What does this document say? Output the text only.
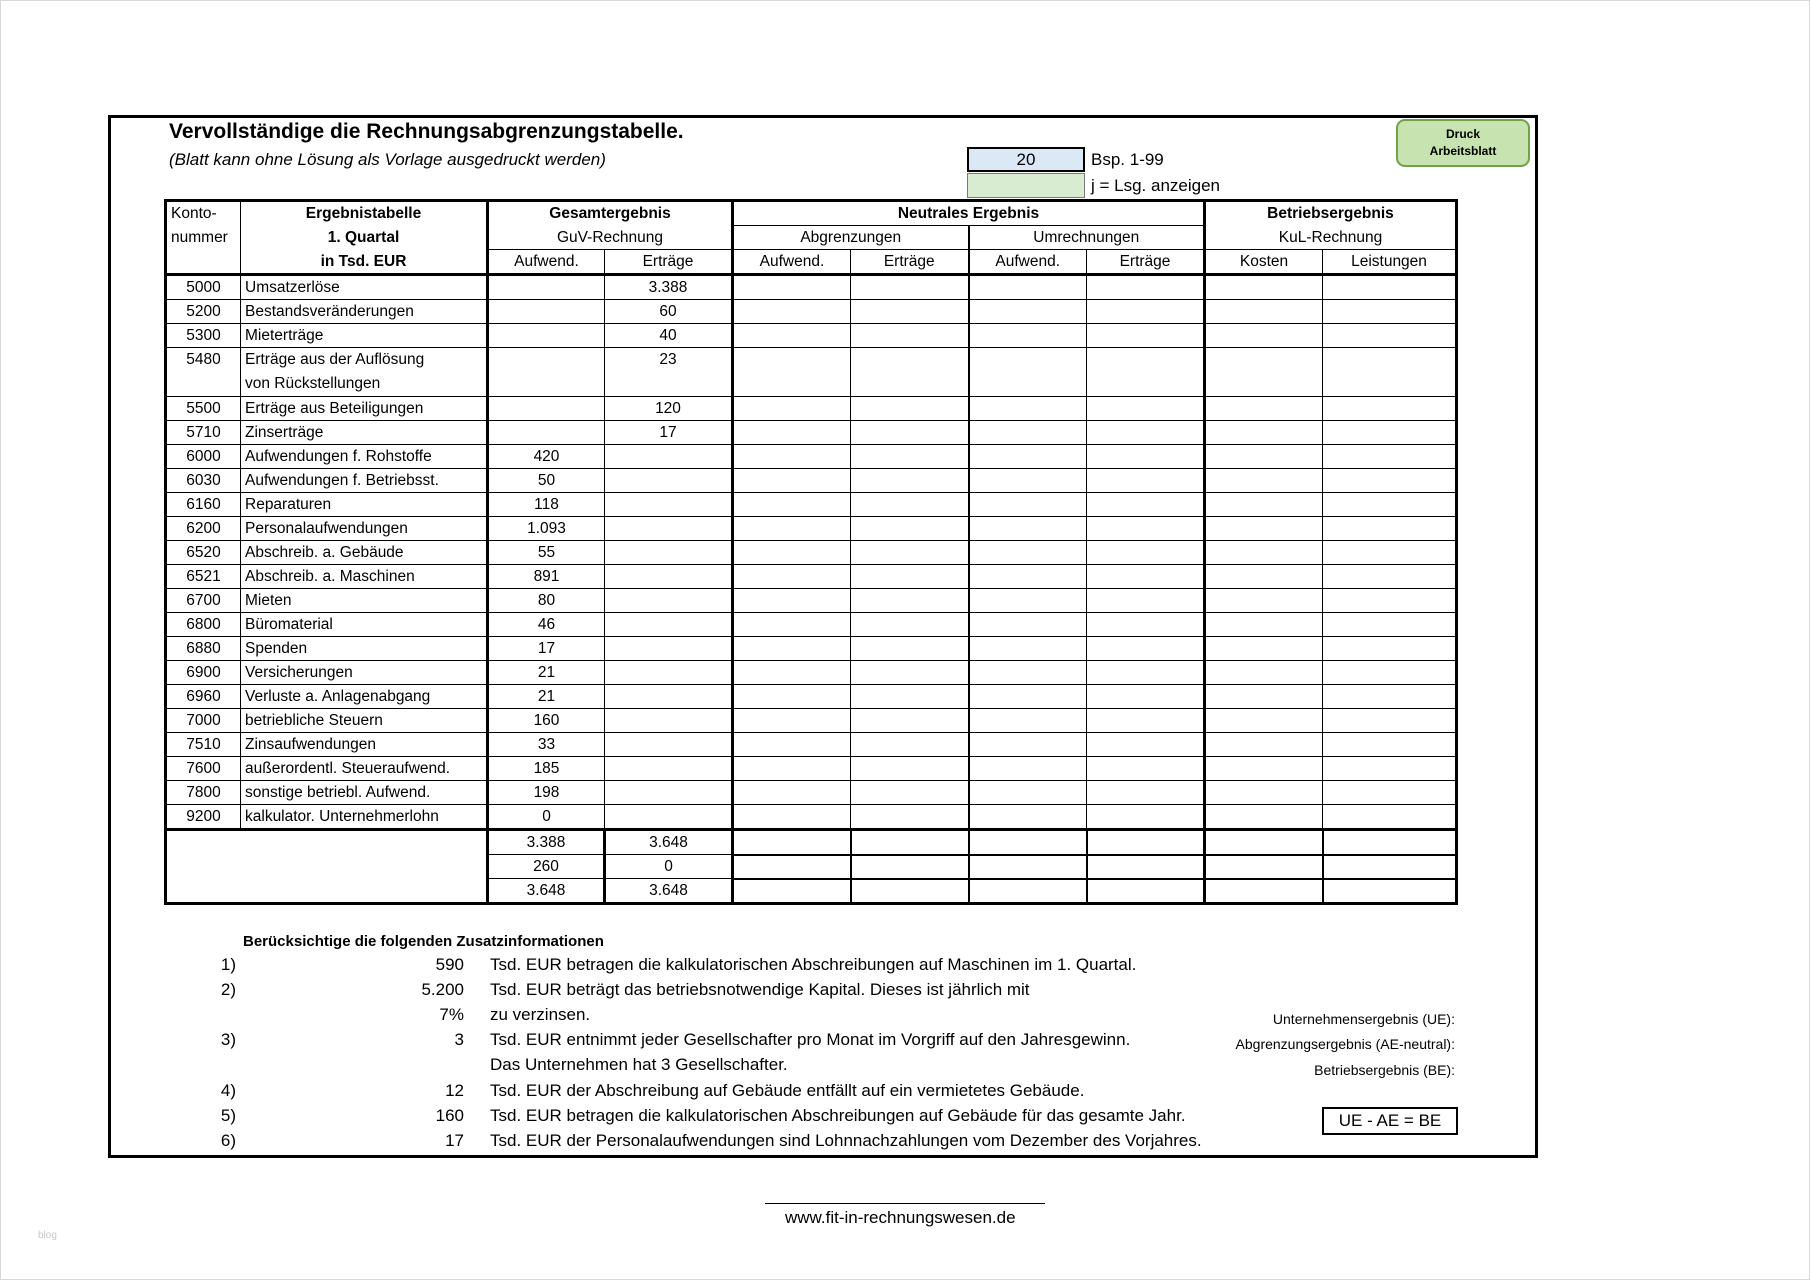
Vervollständige die Rechnungsabgrenzungstabelle.
(Blatt kann ohne Lösung als Vorlage ausgedruckt werden)
Druck
Arbeitsblatt
20	Bsp. 1-99
j = Lsg. anzeigen
Konto-	Ergebnistabelle	Gesamtergebnis		Neutrales Ergebnis				Betriebsergebnis	
nummer	1. Quartal	GuV-Rechnung		Abgrenzungen		Umrechnungen		KuL-Rechnung	
	in Tsd. EUR	Aufwend.	Erträge	Aufwend.	Erträge	Aufwend.	Erträge	Kosten	Leistungen
5000	Umsatzerlöse		3.388						
5200	Bestandsveränderungen		60						
5300	Mieterträge		40						
5480	Erträge aus der Auflösung
von Rückstellungen		23						
5500	Erträge aus Beteiligungen		120						
5710	Zinserträge		17						
6000	Aufwendungen f. Rohstoffe	420							
6030	Aufwendungen f. Betriebsst.	50							
6160	Reparaturen	118							
6200	Personalaufwendungen	1.093							
6520	Abschreib. a. Gebäude	55							
6521	Abschreib. a. Maschinen	891							
6700	Mieten	80							
6800	Büromaterial	46							
6880	Spenden	17							
6900	Versicherungen	21							
6960	Verluste a. Anlagenabgang	21							
7000	betriebliche Steuern	160							
7510	Zinsaufwendungen	33							
7600	außerordentl. Steueraufwend.	185							
7800	sonstige betriebl. Aufwend.	198							
9200	kalkulator. Unternehmerlohn	0							
		3.388	3.648						
		260	0						
		3.648	3.648						
Berücksichtige die folgenden Zusatzinformationen
1)	590 Tsd. EUR betragen die kalkulatorischen Abschreibungen auf Maschinen im 1. Quartal.
2)	5.200 Tsd. EUR beträgt das betriebsnotwendige Kapital. Dieses ist jährlich mit
7% zu verzinsen.
3)	3 Tsd. EUR entnimmt jeder Gesellschafter pro Monat im Vorgriff auf den Jahresgewinn.
Das Unternehmen hat 3 Gesellschafter.
4)	12 Tsd. EUR der Abschreibung auf Gebäude entfällt auf ein vermietetes Gebäude.
5)	160 Tsd. EUR betragen die kalkulatorischen Abschreibungen auf Gebäude für das gesamte Jahr.
6)	17 Tsd. EUR der Personalaufwendungen sind Lohnnachzahlungen vom Dezember des Vorjahres.
Unternehmensergebnis (UE):
Abgrenzungsergebnis (AE-neutral):
Betriebsergebnis (BE):
UE - AE = BE
www.fit-in-rechnungswesen.de
blog
